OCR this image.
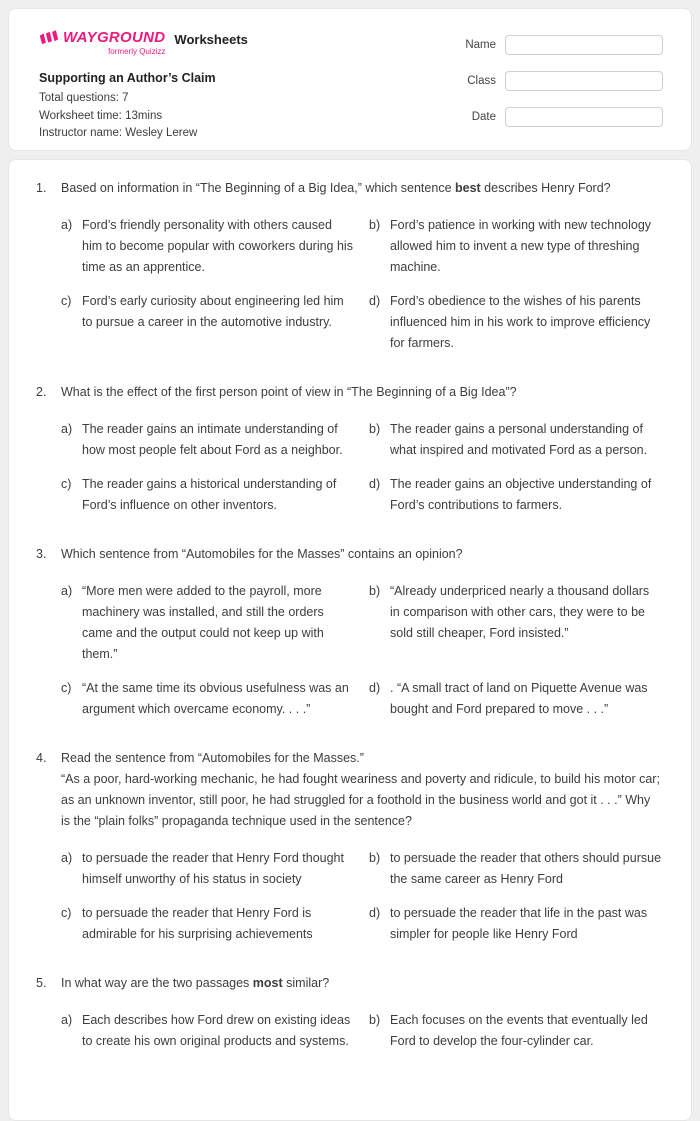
WAYGROUND
formerly Quizizz
Worksheets
Supporting an Author’s Claim
Total questions: 7
Worksheet time: 13mins
Instructor name: Wesley Lerew
Name
Class
Date
1.	Based on information in “The Beginning of a Big Idea,” which sentence best describes Henry Ford?
a) Ford’s friendly personality with others caused him to become popular with coworkers during his time as an apprentice.
b) Ford’s patience in working with new technology allowed him to invent a new type of threshing machine.
c) Ford’s early curiosity about engineering led him to pursue a career in the automotive industry.
d) Ford’s obedience to the wishes of his parents influenced him in his work to improve efficiency for farmers.
2.	What is the effect of the first person point of view in “The Beginning of a Big Idea”?
a) The reader gains an intimate understanding of how most people felt about Ford as a neighbor.
b) The reader gains a personal understanding of what inspired and motivated Ford as a person.
c) The reader gains a historical understanding of Ford’s influence on other inventors.
d) The reader gains an objective understanding of Ford’s contributions to farmers.
3.	Which sentence from “Automobiles for the Masses” contains an opinion?
a) “More men were added to the payroll, more machinery was installed, and still the orders came and the output could not keep up with them.”
b) “Already underpriced nearly a thousand dollars in comparison with other cars, they were to be sold still cheaper, Ford insisted.”
c) “At the same time its obvious usefulness was an argument which overcame economy. . . .”
d) . “A small tract of land on Piquette Avenue was bought and Ford prepared to move . . .”
4.	Read the sentence from “Automobiles for the Masses.”
“As a poor, hard-working mechanic, he had fought weariness and poverty and ridicule, to build his motor car; as an unknown inventor, still poor, he had struggled for a foothold in the business world and got it . . .” Why is the “plain folks” propaganda technique used in the sentence?
a) to persuade the reader that Henry Ford thought himself unworthy of his status in society
b) to persuade the reader that others should pursue the same career as Henry Ford
c) to persuade the reader that Henry Ford is admirable for his surprising achievements
d) to persuade the reader that life in the past was simpler for people like Henry Ford
5.	In what way are the two passages most similar?
a) Each describes how Ford drew on existing ideas to create his own original products and systems.
b) Each focuses on the events that eventually led Ford to develop the four-cylinder car.
